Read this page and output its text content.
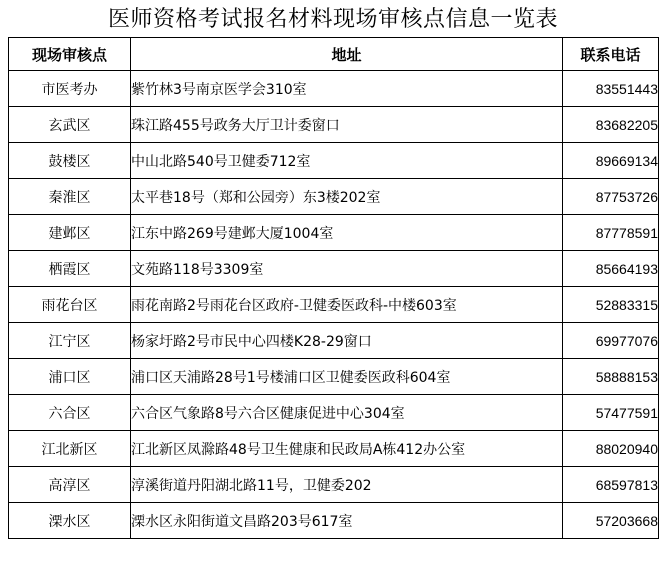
医师资格考试报名材料现场审核点信息一览表
现场审核点	地址	联系电话
市医考办	紫竹林3号南京医学会310室	83551443
玄武区	珠江路455号政务大厅卫计委窗口	83682205
鼓楼区	中山北路540号卫健委712室	89669134
秦淮区	太平巷18号（郑和公园旁）东3楼202室	87753726
建邺区	江东中路269号建邺大厦1004室	87778591
栖霞区	文苑路118号3309室	85664193
雨花台区	雨花南路2号雨花台区政府-卫健委医政科-中楼603室	52883315
江宁区	杨家圩路2号市民中心四楼K28-29窗口	69977076
浦口区	浦口区天浦路28号1号楼浦口区卫健委医政科604室	58888153
六合区	六合区气象路8号六合区健康促进中心304室	57477591
江北新区	江北新区凤滁路48号卫生健康和民政局A栋412办公室	88020940
高淳区	淳溪街道丹阳湖北路11号，卫健委202	68597813
溧水区	溧水区永阳街道文昌路203号617室	57203668
